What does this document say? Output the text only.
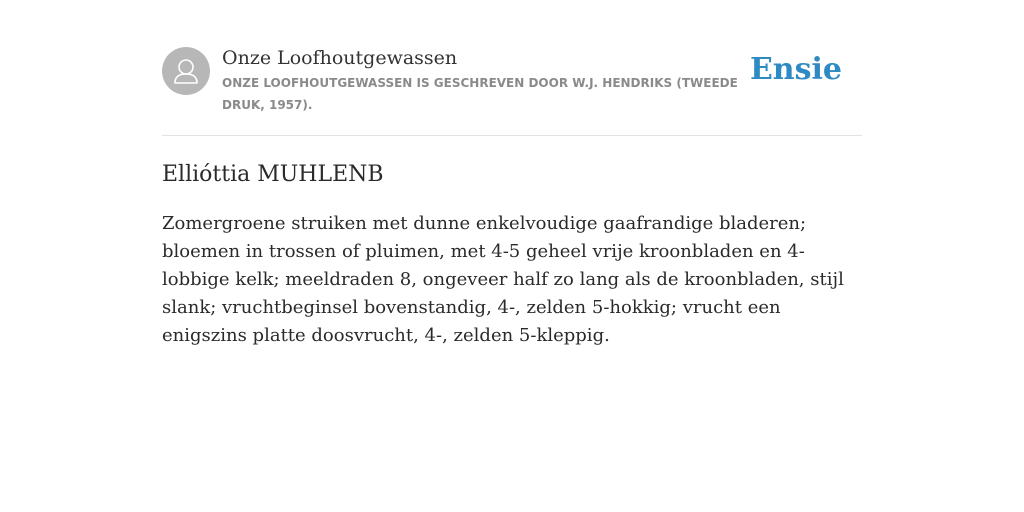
Onze Loofhoutgewassen
ONZE LOOFHOUTGEWASSEN IS GESCHREVEN DOOR W.J. HENDRIKS (TWEEDE DRUK, 1957).
Ensie
Ellióttia MUHLENB

Zomergroene struiken met dunne enkelvoudige gaafrandige bladeren; bloemen in trossen of pluimen, met 4-5 geheel vrije kroonbladen en 4-lobbige kelk; meeldraden 8, ongeveer half zo lang als de kroonbladen, stijl slank; vruchtbeginsel bovenstandig, 4-, zelden 5-hokkig; vrucht een enigszins platte doosvrucht, 4-, zelden 5-kleppig.
